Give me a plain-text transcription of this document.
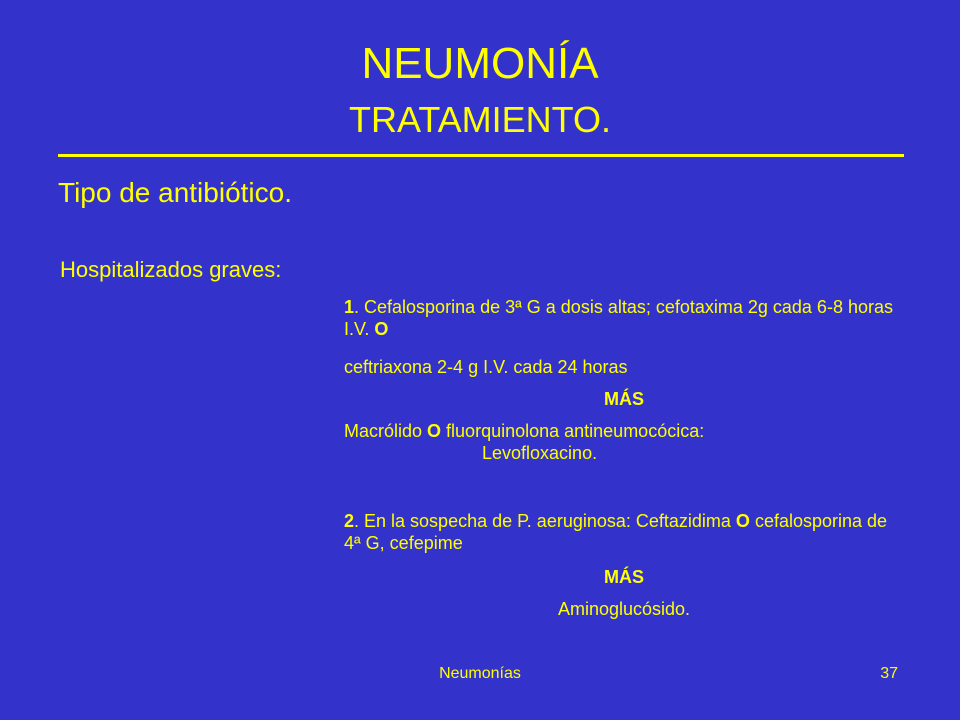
NEUMONÍA
TRATAMIENTO.
Tipo de antibiótico.
Hospitalizados graves:
1. Cefalosporina de 3ª G a dosis altas; cefotaxima 2g cada 6-8 horas I.V. O
ceftriaxona 2-4 g I.V. cada 24 horas
MÁS
Macrólido O fluorquinolona antineumocócica:
Levofloxacino.
2. En la sospecha de P. aeruginosa: Ceftazidima O cefalosporina de 4ª G, cefepime
MÁS
Aminoglucósido.
Neumonías	37
